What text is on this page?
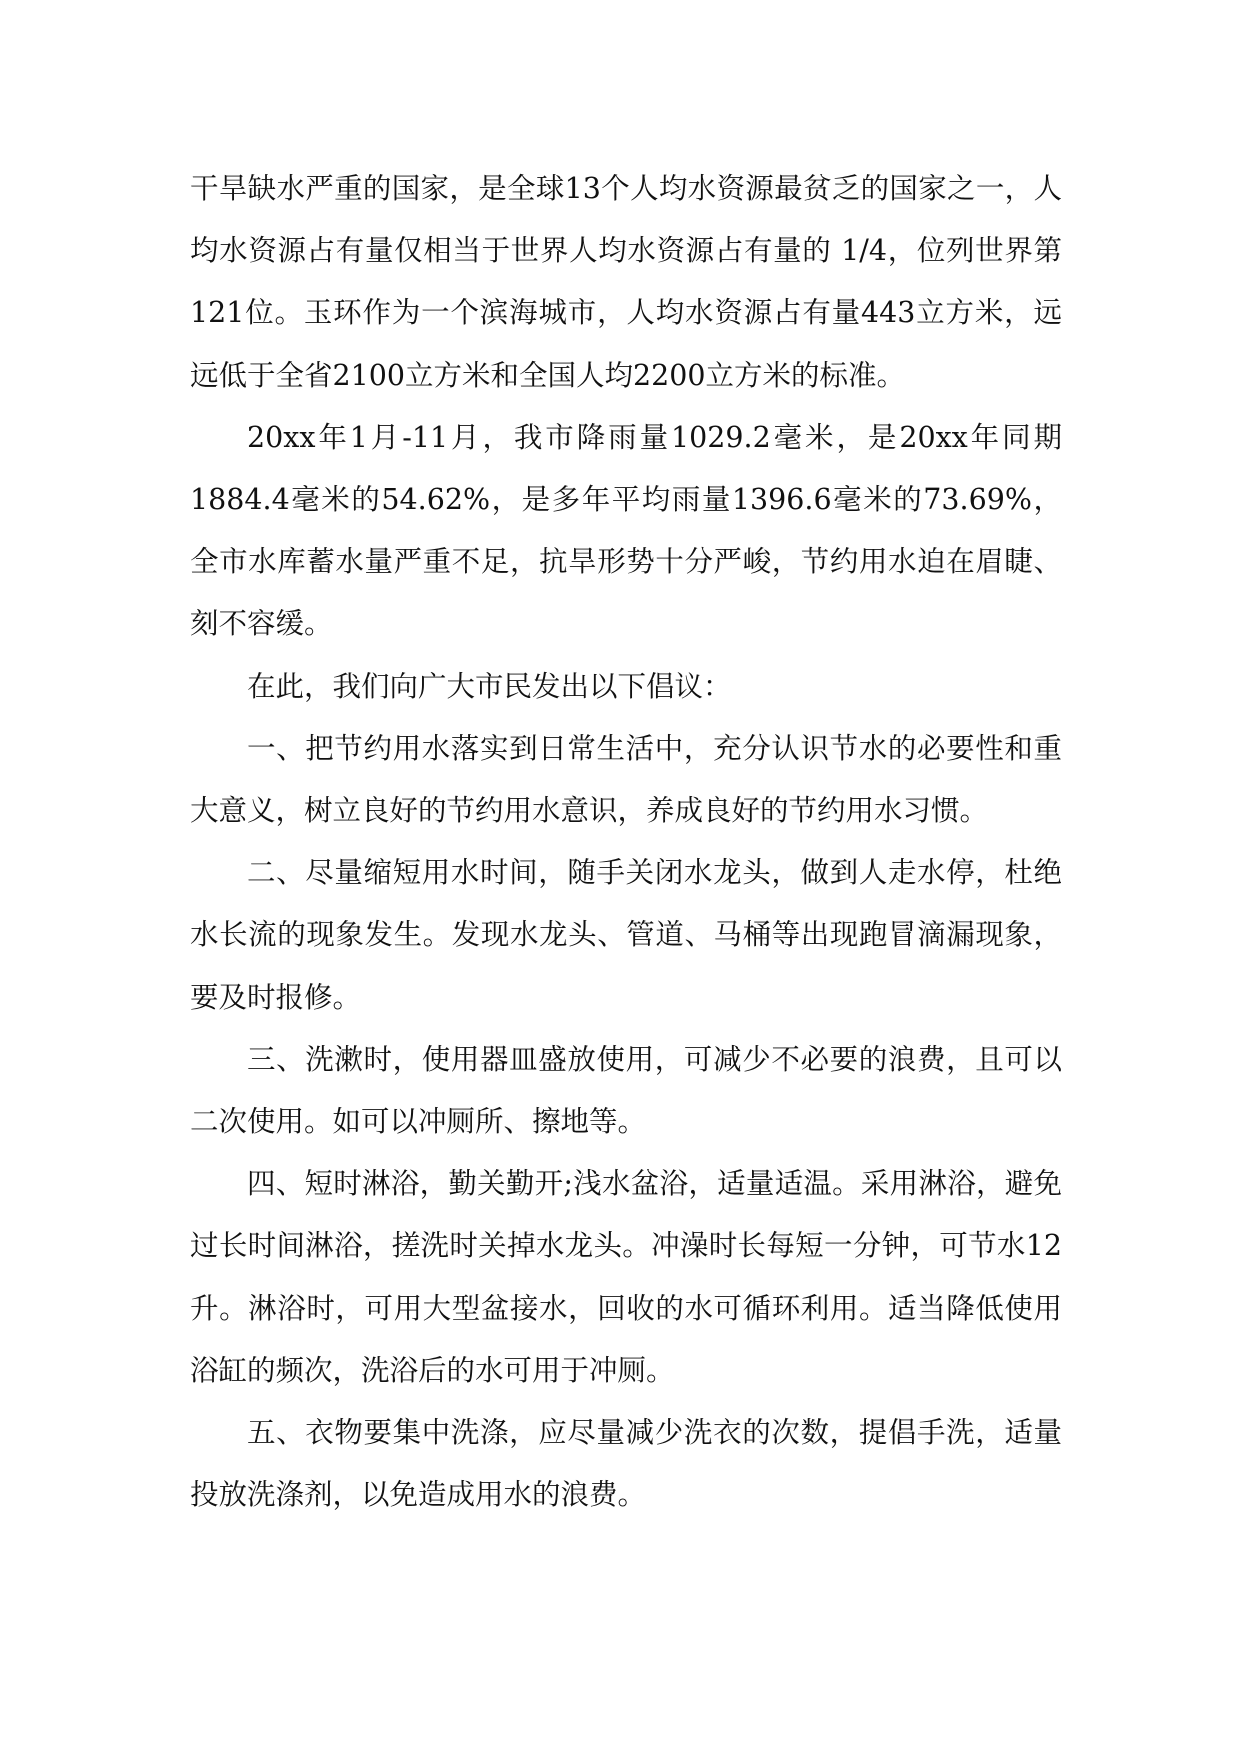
干旱缺水严重的国家，是全球13个人均水资源最贫乏的国家之一，人均水资源占有量仅相当于世界人均水资源占有量的 1/4，位列世界第121位。玉环作为一个滨海城市，人均水资源占有量443立方米，远远低于全省2100立方米和全国人均2200立方米的标准。

20xx年1月-11月，我市降雨量1029.2毫米，是20xx年同期1884.4毫米的54.62%，是多年平均雨量1396.6毫米的73.69%，全市水库蓄水量严重不足，抗旱形势十分严峻，节约用水迫在眉睫、刻不容缓。

在此，我们向广大市民发出以下倡议：

一、把节约用水落实到日常生活中，充分认识节水的必要性和重大意义，树立良好的节约用水意识，养成良好的节约用水习惯。

二、尽量缩短用水时间，随手关闭水龙头，做到人走水停，杜绝水长流的现象发生。发现水龙头、管道、马桶等出现跑冒滴漏现象，要及时报修。

三、洗漱时，使用器皿盛放使用，可减少不必要的浪费，且可以二次使用。如可以冲厕所、擦地等。

四、短时淋浴，勤关勤开;浅水盆浴，适量适温。采用淋浴，避免过长时间淋浴，搓洗时关掉水龙头。冲澡时长每短一分钟，可节水12升。淋浴时，可用大型盆接水，回收的水可循环利用。适当降低使用浴缸的频次，洗浴后的水可用于冲厕。

五、衣物要集中洗涤，应尽量减少洗衣的次数，提倡手洗，适量投放洗涤剂，以免造成用水的浪费。
